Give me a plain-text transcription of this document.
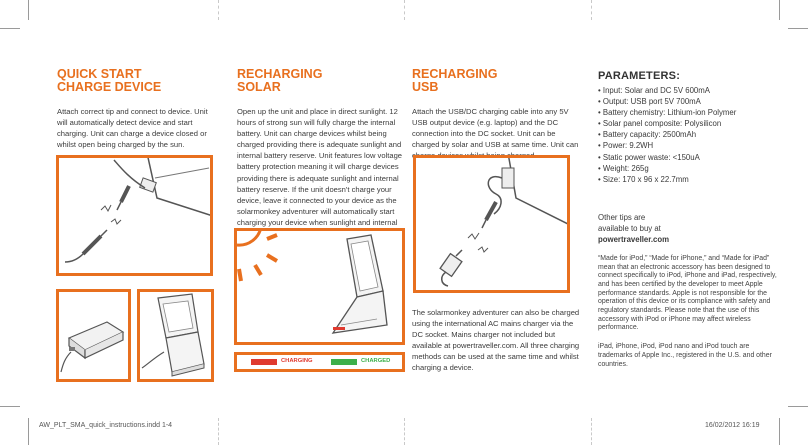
QUICK START
CHARGE DEVICE

Attach correct tip and connect to device. Unit will automatically detect device and start charging. Unit can charge a device closed or whilst open being charged by the sun.

RECHARGING
SOLAR

Open up the unit and place in direct sunlight. 12 hours of strong sun will fully charge the internal battery. Unit can charge devices whilst being charged providing there is adequate sunlight and internal battery reserve. Unit features low voltage battery protection meaning it will charge devices providing there is adequate sunlight and internal battery reserve. If the unit doesn't charge your device, leave it connected to your device as the solarmonkey adventurer will automatically start charging your device when sunlight and internal

CHARGING	CHARGED
RECHARGING
USB

Attach the USB/DC charging cable into any 5V USB output device (e.g. laptop) and the DC connection into the DC socket. Unit can be charged by solar and USB at same time. Unit can

The solarmonkey adventurer can also be charged using the international AC mains charger via the DC socket. Mains charger not included but available at powertraveller.com. All three charging methods can be used at the same time and whilst charging a device.

PARAMETERS:
• Input: Solar and DC 5V 600mA
• Output: USB port 5V 700mA
• Battery chemistry: Lithium-ion Polymer
• Solar panel composite: Polysilicon
• Battery capacity: 2500mAh
• Power: 9.2WH
• Static power waste: <150uA
• Weight: 265g
• Size: 170 x 96 x 22.7mm
Other tips are
available to buy at
powertraveller.com

“Made for iPod,” “Made for iPhone,” and “Made for iPad” mean that an electronic accessory has been designed to connect specifically to iPod, iPhone and iPad, respectively, and has been certified by the developer to meet Apple performance standards. Apple is not responsible for the operation of this device or its compliance with safety and regulatory standards. Please note that the use of this accessory with iPod or iPhone may affect wireless performance.

iPad, iPhone, iPod, iPod nano and iPod touch are trademarks of Apple Inc., registered in the U.S. and other countries.

AW_PLT_SMA_quick_instructions.indd 1-4	16/02/2012 16:19
